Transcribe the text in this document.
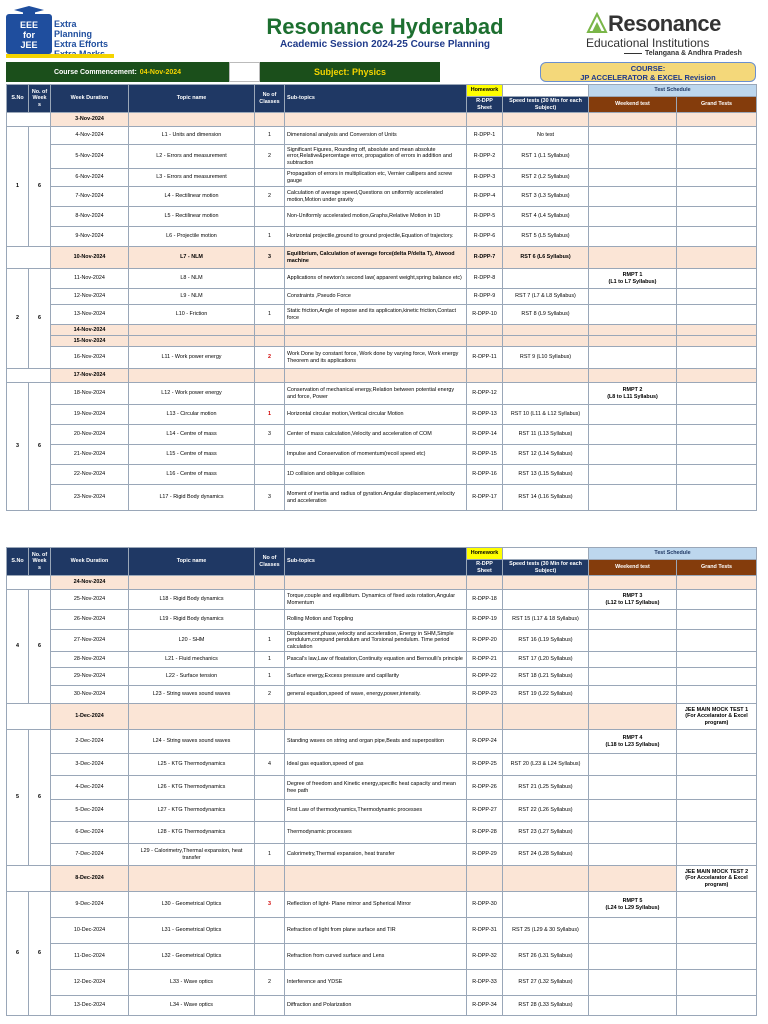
EEE
for
JEE
Extra Planning
Extra Efforts
Resonance Hyderabad
Academic Session 2024-25 Course Planning
Resonance
Educational Institutions
Telangana & Andhra Pradesh
Course Commencement: 04-Nov-2024	Subject: Physics	COURSE:
JP ACCELERATOR & EXCEL Revision
S.No	No. of Week s	Week Duration	Topic name	No of Classes	Sub-topics	Homework		Test Schedule	
						R-DPP Sheet	Speed tests (30 Min for each Subject)	Weekend test	Grand Tests
		3-Nov-2024							
1	6	4-Nov-2024	L1 - Units and dimension	1	Dimensional analysis and Conversion of Units	R-DPP-1	No test		
		5-Nov-2024	L2 - Errors and measurement	2	Significant Figures, Rounding off, absolute and mean absolute error,Relative&percentage error, propagation of errors in addition and subtraction	R-DPP-2	RST 1 (L1 Syllabus)		
		6-Nov-2024	L3 - Errors and measurement		Propagation of errors in multiplication etc, Vernier callipers and screw gauge	R-DPP-3	RST 2 (L2 Syllabus)		
		7-Nov-2024	L4 - Rectilinear motion	2	Calculation of average speed,Questions on uniformly accelerated motion,Motion under gravity	R-DPP-4	RST 3 (L3 Syllabus)		
		8-Nov-2024	L5 - Rectilinear motion		Non-Uniformly accelerated motion,Graphs,Relative Motion in 1D	R-DPP-5	RST 4 (L4 Syllabus)		
		9-Nov-2024	L6 - Projectile motion	1	Horizontal projectile,ground to ground projectile,Equation of trajectory.	R-DPP-6	RST 5 (L5 Syllabus)		
		10-Nov-2024	L7 - NLM	3	Equilibrium, Calculation of average force(delta P/delta T), Atwood machine	R-DPP-7	RST 6 (L6 Syllabus)		
2	6	11-Nov-2024	L8 - NLM		Applications of newton's second law( apparent weight,spring balance etc)	R-DPP-8		RMPT 1
(L1 to L7 Syllabus)	
		12-Nov-2024	L9 - NLM		Constraints ,Pseudo Force	R-DPP-9	RST 7 (L7 & L8 Syllabus)		
		13-Nov-2024	L10 - Friction	1	Static friction,Angle of repose and its application,kinetic friction,Contact force	R-DPP-10	RST 8 (L9 Syllabus)		
		14-Nov-2024							
		15-Nov-2024							
		16-Nov-2024	L11 - Work power energy	2	Work Done by constant force, Work done by varying force, Work energy Theorem and its applications	R-DPP-11	RST 9 (L10 Syllabus)		
		17-Nov-2024							
3	6	18-Nov-2024	L12 - Work power energy		Conservation of mechanical energy,Relation between potential energy and force, Power	R-DPP-12		RMPT 2
(L8 to L11 Syllabus)	
		19-Nov-2024	L13 - Circular motion	1	Horizontal circular motion,Vertical circular Motion	R-DPP-13	RST 10 (L11 & L12 Syllabus)		
		20-Nov-2024	L14 - Centre of mass	3	Center of mass calculation,Velocity and acceleration of COM	R-DPP-14	RST 11 (L13 Syllabus)		
		21-Nov-2024	L15 - Centre of mass		Impulse and Conservation of momentum(recoil speed etc)	R-DPP-15	RST 12 (L14 Syllabus)		
		22-Nov-2024	L16 - Centre of mass		1D collision and oblique collision	R-DPP-16	RST 13 (L15 Syllabus)		
		23-Nov-2024	L17 - Rigid Body dynamics	3	Moment of inertia and radius of gyration.Angular displacement,velocity and acceleration	R-DPP-17	RST 14 (L16 Syllabus)		
S.No	No. of Week s	Week Duration	Topic name	No of Classes	Sub-topics	Homework		Test Schedule	
						R-DPP Sheet	Speed tests (30 Min for each Subject)	Weekend test	Grand Tests
		24-Nov-2024							
4	6	25-Nov-2024	L18 - Rigid Body dynamics		Torque,couple and equilibrium. Dynamics of fixed axis rotation,Angular Momentum	R-DPP-18		RMPT 3
(L12 to L17 Syllabus)	
		26-Nov-2024	L19 - Rigid Body dynamics		Rolling Motion and Toppling	R-DPP-19	RST 15 (L17 & 18 Syllabus)		
		27-Nov-2024	L20 - SHM	1	Displacement,phase,velocity and acceleration, Energy in SHM,Simple pendulum,compund pendulum and Torsional pendulum. Time period calculation	R-DPP-20	RST 16 (L19 Syllabus)		
		28-Nov-2024	L21 - Fluid mechanics	1	Pascal's law,Law of floatation,Continuity equation and Bernoulli's principle	R-DPP-21	RST 17 (L20 Syllabus)		
		29-Nov-2024	L22 - Surface tension	1	Surface energy,Excess pressure and capillarity	R-DPP-22	RST 18 (L21 Syllabus)		
		30-Nov-2024	L23 - String waves sound waves	2	general equation,speed of wave, energy,power,intensity.	R-DPP-23	RST 19 (L22 Syllabus)		
		1-Dec-2024							JEE MAIN MOCK TEST 1
(For Accelarator & Excel program)
5	6	2-Dec-2024	L24 - String waves sound waves		Standing waves on string and organ pipe,Beats and superposition	R-DPP-24		RMPT 4
(L18 to L23 Syllabus)	
		3-Dec-2024	L25 - KTG Thermodynamics	4	Ideal gas equation,speed of gas	R-DPP-25	RST 20 (L23 & L24 Syllabus)		
		4-Dec-2024	L26 - KTG Thermodynamics		Degree of freedom and Kinetic energy,specific heat capacity and mean free path	R-DPP-26	RST 21 (L25 Syllabus)		
		5-Dec-2024	L27 - KTG Thermodynamics		First Law of thermodynamics,Thermodynamic processes	R-DPP-27	RST 22 (L26 Syllabus)		
		6-Dec-2024	L28 - KTG Thermodynamics		Thermodynamic processes	R-DPP-28	RST 23 (L27 Syllabus)		
		7-Dec-2024	L29 - Calorimetry,Thermal expansion, heat transfer	1	Calorimetry,Thermal expansion, heat transfer	R-DPP-29	RST 24 (L28 Syllabus)		
		8-Dec-2024							JEE MAIN MOCK TEST 2
(For Accelarator & Excel program)
6	6	9-Dec-2024	L30 - Geometrical Optics	3	Reflection of light- Plane mirror and Spherical Mirror	R-DPP-30		RMPT 5
(L24 to L29 Syllabus)	
		10-Dec-2024	L31 - Geometrical Optics		Refraction of light from plane surface and TIR	R-DPP-31	RST 25 (L29 & 30 Syllabus)		
		11-Dec-2024	L32 - Geometrical Optics		Refraction from curved surface and Lens	R-DPP-32	RST 26 (L31 Syllabus)		
		12-Dec-2024	L33 - Wave optics	2	Interference and YDSE	R-DPP-33	RST 27 (L32 Syllabus)		
		13-Dec-2024	L34 - Wave optics		Diffraction and Polarization	R-DPP-34	RST 28 (L33 Syllabus)		
